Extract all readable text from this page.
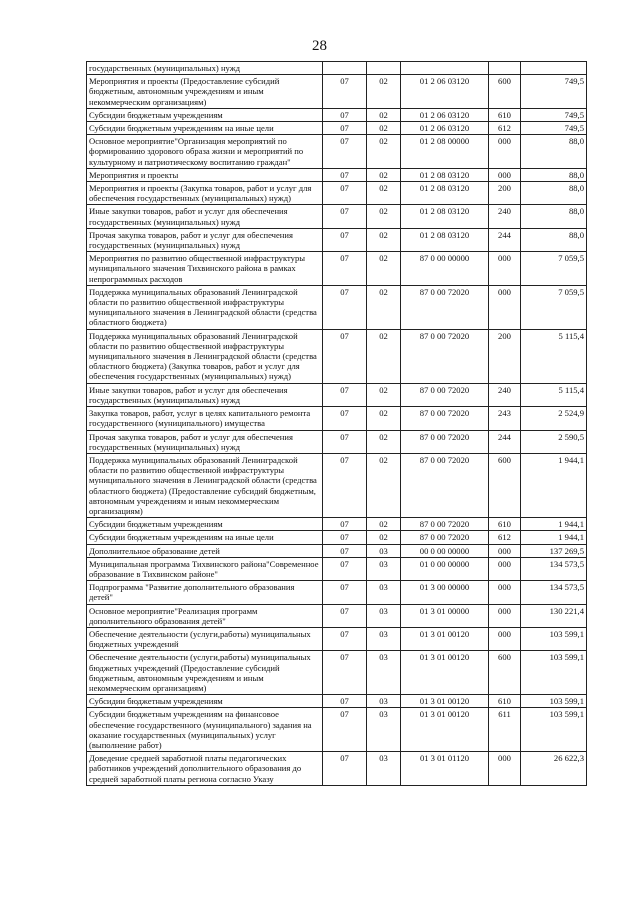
28
государственных (муниципальных) нужд					
Мероприятия и проекты (Предоставление субсидий бюджетным, автономным учреждениям и иным некоммерческим организациям)	07	02	01 2 06 03120	600	749,5
Субсидии бюджетным учреждениям	07	02	01 2 06 03120	610	749,5
Субсидии бюджетным учреждениям на иные цели	07	02	01 2 06 03120	612	749,5
Основное мероприятие"Организация мероприятий по формированию здорового образа жизни и мероприятий по культурному и патриотическому воспитанию граждан"	07	02	01 2 08 00000	000	88,0
Мероприятия и проекты	07	02	01 2 08 03120	000	88,0
Мероприятия и проекты (Закупка товаров, работ и услуг для обеспечения государственных (муниципальных) нужд)	07	02	01 2 08 03120	200	88,0
Иные закупки товаров, работ и услуг для обеспечения государственных (муниципальных) нужд	07	02	01 2 08 03120	240	88,0
Прочая закупка товаров, работ и услуг для обеспечения государственных (муниципальных) нужд	07	02	01 2 08 03120	244	88,0
Мероприятия по развитию общественной инфраструктуры муниципального значения Тихвинского района в рамках непрограммных расходов	07	02	87 0 00 00000	000	7 059,5
Поддержка муниципальных образований Ленинградской области по развитию общественной инфраструктуры муниципального значения в Ленинградской области (средства областного бюджета)	07	02	87 0 00 72020	000	7 059,5
Поддержка муниципальных образований Ленинградской области по развитию общественной инфраструктуры муниципального значения в Ленинградской области (средства областного бюджета) (Закупка товаров, работ и услуг для обеспечения государственных (муниципальных) нужд)	07	02	87 0 00 72020	200	5 115,4
Иные закупки товаров, работ и услуг для обеспечения государственных (муниципальных) нужд	07	02	87 0 00 72020	240	5 115,4
Закупка товаров, работ, услуг в целях капитального ремонта государственного (муниципального) имущества	07	02	87 0 00 72020	243	2 524,9
Прочая закупка товаров, работ и услуг для обеспечения государственных (муниципальных) нужд	07	02	87 0 00 72020	244	2 590,5
Поддержка муниципальных образований Ленинградской области по развитию общественной инфраструктуры муниципального значения в Ленинградской области (средства областного бюджета) (Предоставление субсидий бюджетным, автономным учреждениям и иным некоммерческим организациям)	07	02	87 0 00 72020	600	1 944,1
Субсидии бюджетным учреждениям	07	02	87 0 00 72020	610	1 944,1
Субсидии бюджетным учреждениям на иные цели	07	02	87 0 00 72020	612	1 944,1
Дополнительное образование детей	07	03	00 0 00 00000	000	137 269,5
Муниципальная программа Тихвинского района"Современное образование в Тихвинском районе"	07	03	01 0 00 00000	000	134 573,5
Подпрограмма "Развитие дополнительного образования детей"	07	03	01 3 00 00000	000	134 573,5
Основное мероприятие"Реализация программ дополнительного образования детей"	07	03	01 3 01 00000	000	130 221,4
Обеспечение деятельности (услуги,работы) муниципальных бюджетных учреждений	07	03	01 3 01 00120	000	103 599,1
Обеспечение деятельности (услуги,работы) муниципальных бюджетных учреждений (Предоставление субсидий бюджетным, автономным учреждениям и иным некоммерческим организациям)	07	03	01 3 01 00120	600	103 599,1
Субсидии бюджетным учреждениям	07	03	01 3 01 00120	610	103 599,1
Субсидии бюджетным учреждениям на финансовое обеспечение государственного (муниципального) задания на оказание государственных (муниципальных) услуг (выполнение работ)	07	03	01 3 01 00120	611	103 599,1
Доведение средней заработной платы педагогических работников учреждений дополнительного образования до средней заработной платы региона согласно Указу	07	03	01 3 01 01120	000	26 622,3
